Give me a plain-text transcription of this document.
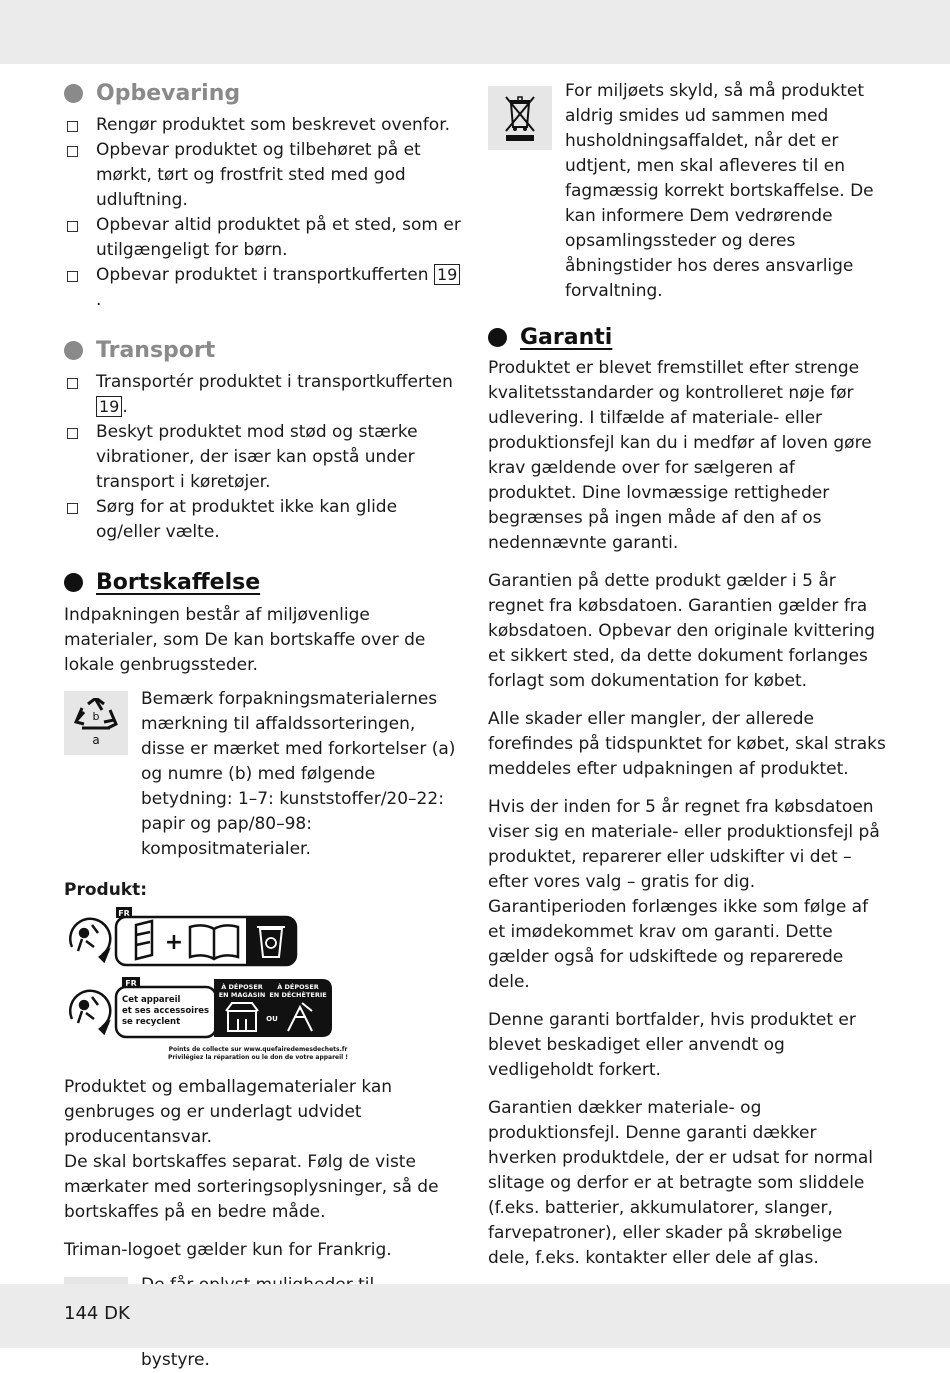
Opbevaring
Rengør produktet som beskrevet ovenfor.
Opbevar produktet og tilbehøret på et mørkt, tørt og frostfrit sted med god udluftning.
Opbevar altid produktet på et sted, som er utilgængeligt for børn.
Opbevar produktet i transportkufferten 19.
Transport
Transportér produktet i transportkufferten 19 .
Beskyt produktet mod stød og stærke vibrationer, der især kan opstå under transport i køretøjer.
Sørg for at produktet ikke kan glide og/eller vælte.
Bortskaffelse

Indpakningen består af miljøvenlige materialer, som De kan bortskaffe over de lokale genbrugssteder.

b
a

Bemærk forpakningsmaterialernes mærkning til affaldssorteringen, disse er mærket med forkortelser (a) og numre (b) med følgende betydning: 1–7: kunststoffer/20–22: papir og pap/80–98: kompositmaterialer.

Produkt:

FR
+
FR
Cet appareil
et ses accessoires
se recyclent
À DÉPOSER
EN MAGASIN
À DÉPOSER
EN DÉCHÈTERIE
OU
Points de collecte sur www.quefairedemesdechets.fr
Privilégiez la réparation ou le don de votre appareil !

Produktet og emballagematerialer kan genbruges og er underlagt udvidet producentansvar.

De skal bortskaffes separat. Følg de viste mærkater med sorteringsoplysninger, så de bortskaffes på en bedre måde.

Triman-logoet gælder kun for Frankrig.

bystyre.

For miljøets skyld, så må produktet aldrig smides ud sammen med husholdningsaffaldet, når det er udtjent, men skal afleveres til en fagmæssig korrekt bortskaffelse. De kan informere Dem vedrørende opsamlingssteder og deres åbningstider hos deres ansvarlige forvaltning.

Garanti

Produktet er blevet fremstillet efter strenge kvalitetsstandarder og kontrolleret nøje før udlevering. I tilfælde af materiale- eller produktionsfejl kan du i medfør af loven gøre krav gældende over for sælgeren af produktet. Dine lovmæssige rettigheder begrænses på ingen måde af den af os nedennævnte garanti.

Garantien på dette produkt gælder i 5 år regnet fra købsdatoen. Garantien gælder fra købsdatoen. Opbevar den originale kvittering et sikkert sted, da dette dokument forlanges forlagt som dokumentation for købet.

Alle skader eller mangler, der allerede forefindes på tidspunktet for købet, skal straks meddeles efter udpakningen af produktet.

Hvis der inden for 5 år regnet fra købsdatoen viser sig en materiale- eller produktionsfejl på produktet, reparerer eller udskifter vi det – efter vores valg – gratis for dig. Garantiperioden forlænges ikke som følge af et imødekommet krav om garanti. Dette gælder også for udskiftede og reparerede dele.

Denne garanti bortfalder, hvis produktet er blevet beskadiget eller anvendt og vedligeholdt forkert.

Garantien dækker materiale- og produktionsfejl. Denne garanti dækker hverken produktdele, der er udsat for normal slitage og derfor er at betragte som sliddele (f.eks. batterier, akkumulatorer, slanger, farvepatroner), eller skader på skrøbelige dele, f.eks. kontakter eller dele af glas.

144 DK
